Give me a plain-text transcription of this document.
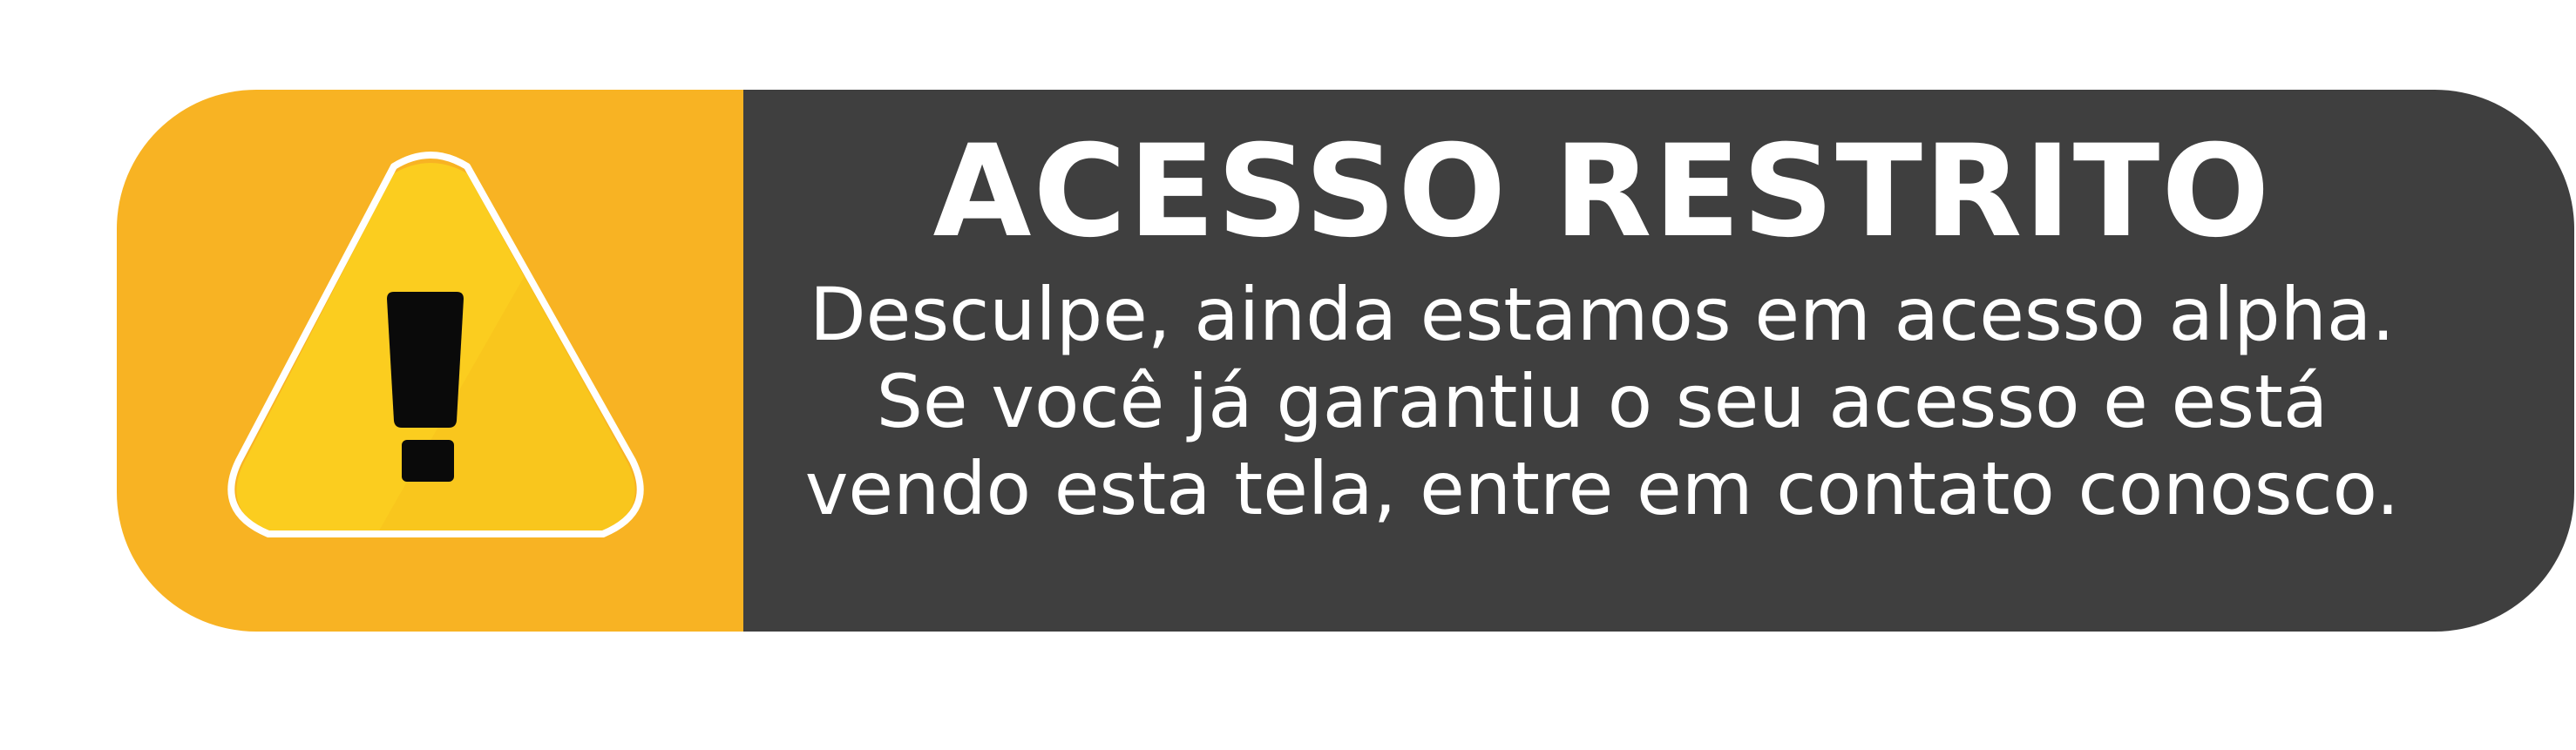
ACESSO RESTRITO

Desculpe, ainda estamos em acesso alpha. Se você já garantiu o seu acesso e está vendo esta tela, entre em contato conosco.
